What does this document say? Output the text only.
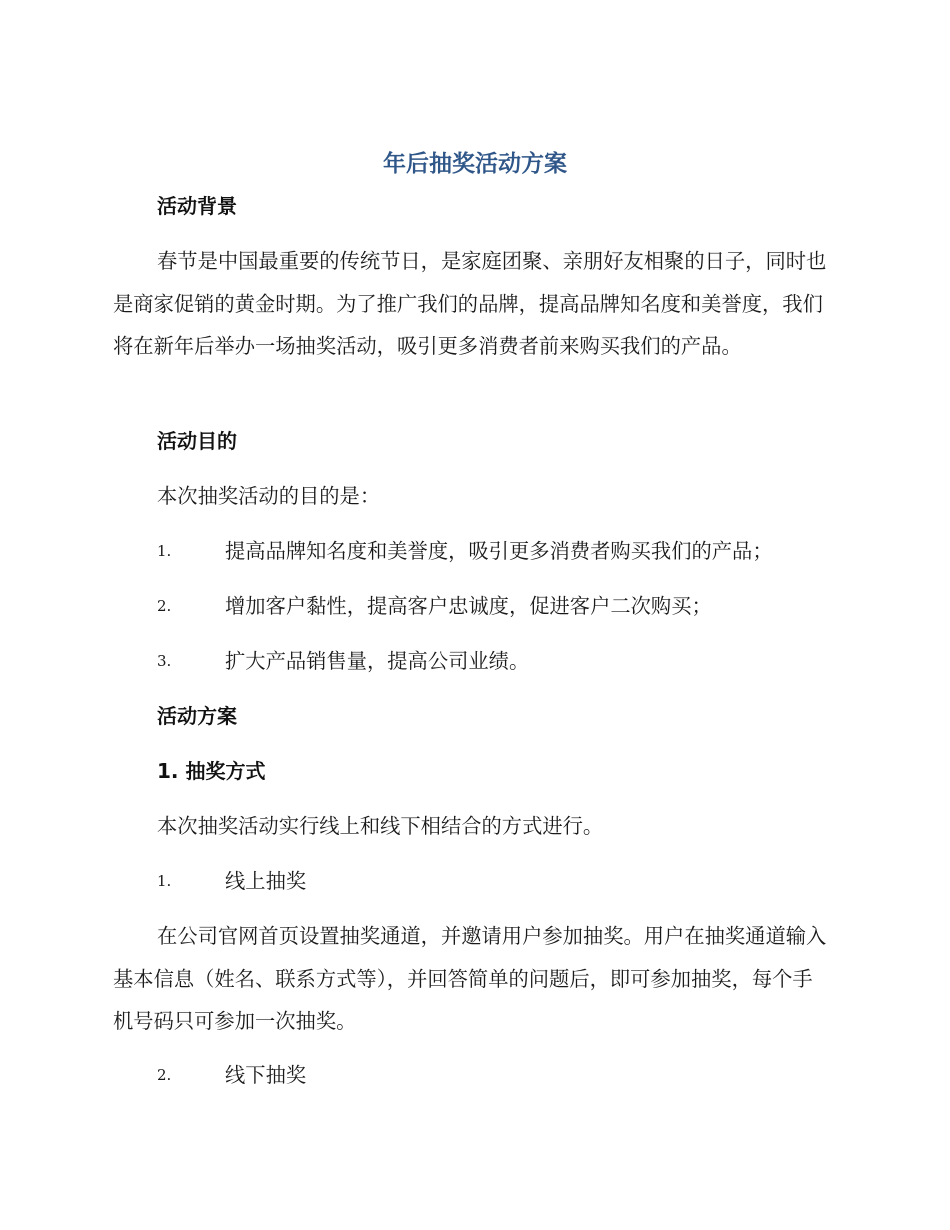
年后抽奖活动方案
活动背景

春节是中国最重要的传统节日，是家庭团聚、亲朋好友相聚的日子，同时也是商家促销的黄金时期。为了推广我们的品牌，提高品牌知名度和美誉度，我们将在新年后举办一场抽奖活动，吸引更多消费者前来购买我们的产品。

活动目的

本次抽奖活动的目的是：

1.	提高品牌知名度和美誉度，吸引更多消费者购买我们的产品；
2.	增加客户黏性，提高客户忠诚度，促进客户二次购买；
3.	扩大产品销售量，提高公司业绩。
活动方案
1. 抽奖方式

本次抽奖活动实行线上和线下相结合的方式进行。

1.	线上抽奖

在公司官网首页设置抽奖通道，并邀请用户参加抽奖。用户在抽奖通道输入基本信息（姓名、联系方式等），并回答简单的问题后，即可参加抽奖，每个手机号码只可参加一次抽奖。

2.	线下抽奖
